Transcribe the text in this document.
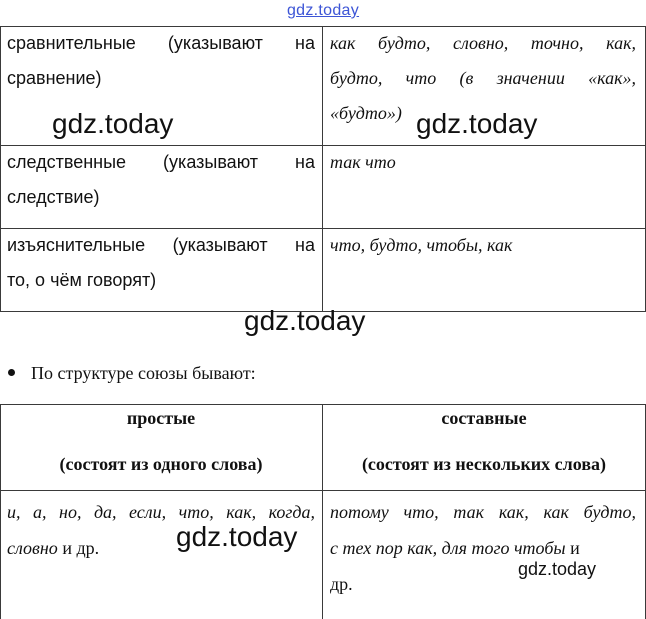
gdz.today
сравнительные (указывают на
сравнение)
как будто, словно, точно, как,
будто, что (в значении «как»,
«будто»)
следственные (указывают на
следствие)
так что
изъяснительные (указывают на
то, о чём говорят)
что, будто, чтобы, как
По структуре союзы бывают:
простые
(состоят из одного слова)
составные
(состоят из нескольких слова)
и, а, но, да, если, что, как, когда,
словно и др.
потому что, так как, как будто,
с тех пор как, для того чтобы и
др.
gdz.today	gdz.today
gdz.today
gdz.today
gdz.today
